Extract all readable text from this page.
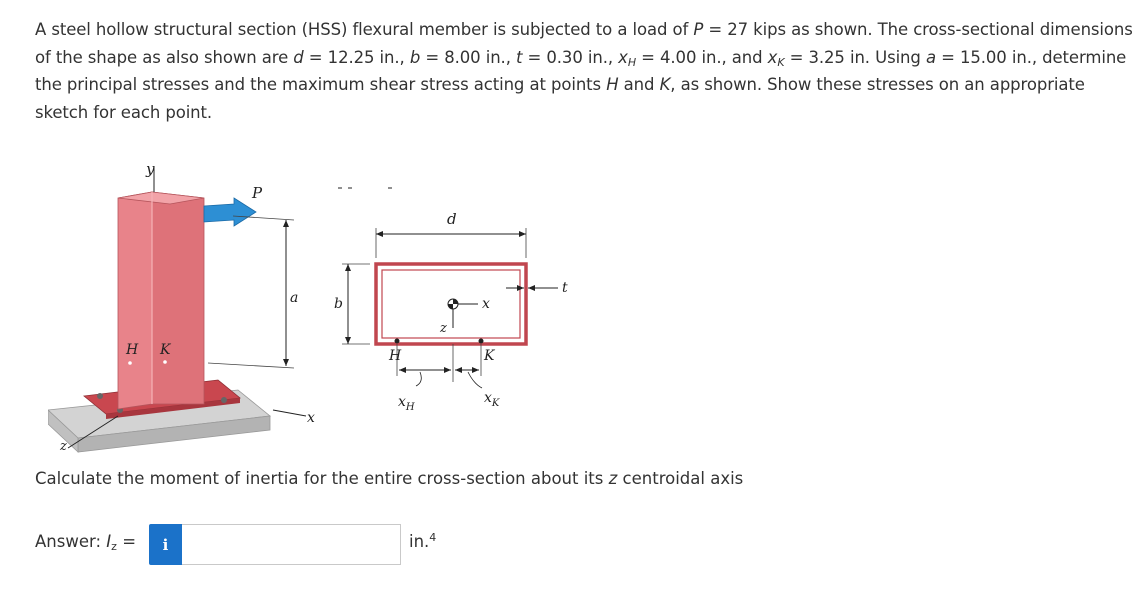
A steel hollow structural section (HSS) flexural member is subjected to a load of P = 27 kips as shown. The cross-sectional dimensions of the shape as also shown are d = 12.25 in., b = 8.00 in., t = 0.30 in., $x_H = 4.00$ in., and $x_K = 3.25$ in. Using a = 15.00 in., determine the principal stresses and the maximum shear stress acting at points H and K, as shown. Show these stresses on an appropriate sketch for each point.

y
P
a
x
z
H K
d
b
t
x
z
H	K
$x_H$
$x_K$

Calculate the moment of inertia for the entire cross-section about its z centroidal axis

Answer: $I_z$ =	i	in.$^4$
